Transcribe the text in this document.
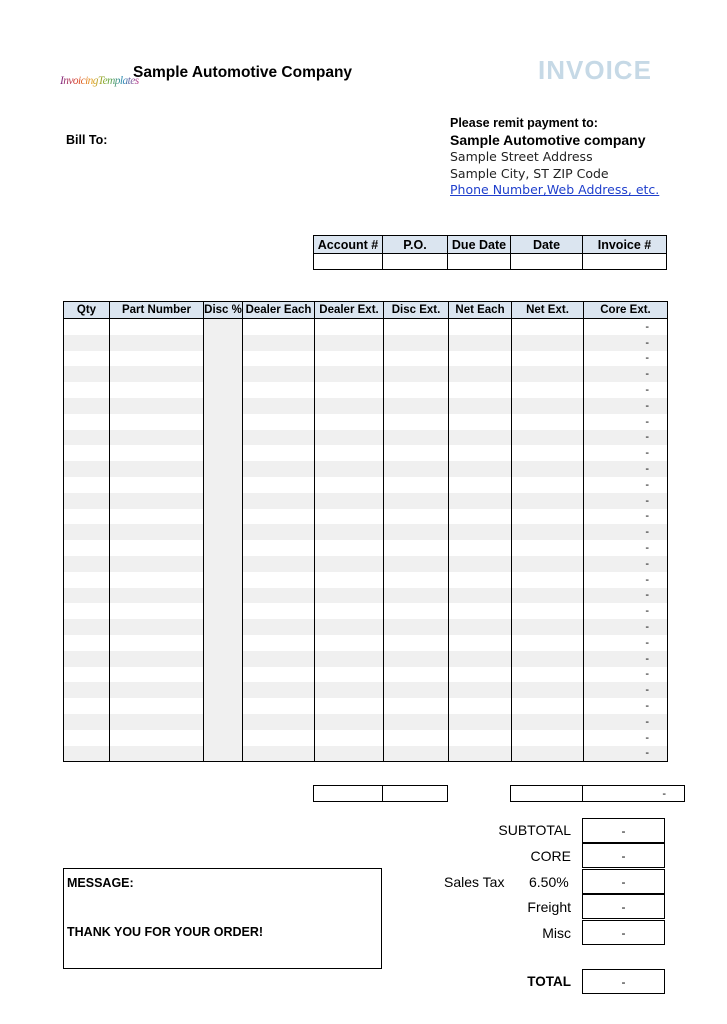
InvoicingTemplates
Sample Automotive Company	INVOICE
Bill To:
Please remit payment to:
Sample Automotive company
Sample Street Address
Sample City, ST ZIP Code
Phone Number,Web Address, etc.
Account #	P.O.	Due Date	Date	Invoice #

Qty	Part Number	Disc %	Dealer Each	Dealer Ext.	Disc Ext.	Net Each	Net Ext.	Core Ext.
								-
								-
								-
								-
								-
								-
								-
								-
								-
								-
								-
								-
								-
								-
								-
								-
								-
								-
								-
								-
								-
								-
								-
								-
								-
								-
								-
								-
				-
SUBTOTAL	-
CORE	-
Sales Tax 6.50%	-
Freight	-
Misc	-
TOTAL	-
MESSAGE:
THANK YOU FOR YOUR ORDER!
